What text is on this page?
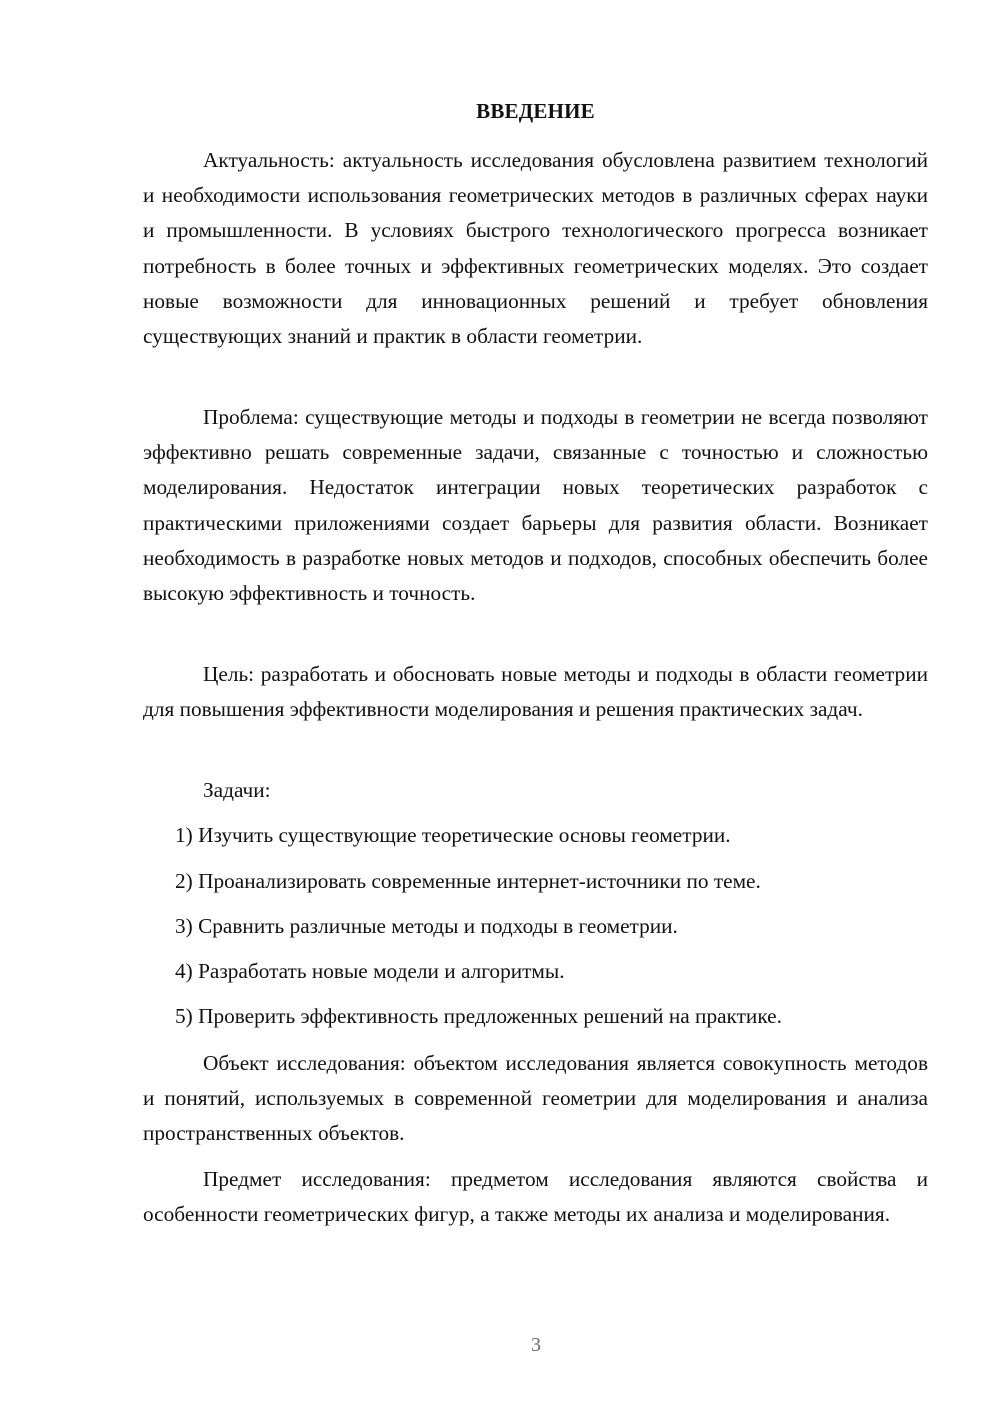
ВВЕДЕНИЕ

Актуальность: актуальность исследования обусловлена развитием технологий и необходимости использования геометрических методов в различных сферах науки и промышленности. В условиях быстрого технологического прогресса возникает потребность в более точных и эффективных геометрических моделях. Это создает новые возможности для инновационных решений и требует обновления существующих знаний и практик в области геометрии.

Проблема: существующие методы и подходы в геометрии не всегда позволяют эффективно решать современные задачи, связанные с точностью и сложностью моделирования. Недостаток интеграции новых теоретических разработок с практическими приложениями создает барьеры для развития области. Возникает необходимость в разработке новых методов и подходов, способных обеспечить более высокую эффективность и точность.

Цель: разработать и обосновать новые методы и подходы в области геометрии для повышения эффективности моделирования и решения практических задач.

Задачи:

1) Изучить существующие теоретические основы геометрии.

2) Проанализировать современные интернет-источники по теме.

3) Сравнить различные методы и подходы в геометрии.

4) Разработать новые модели и алгоритмы.

5) Проверить эффективность предложенных решений на практике.

Объект исследования: объектом исследования является совокупность методов и понятий, используемых в современной геометрии для моделирования и анализа пространственных объектов.

Предмет исследования: предметом исследования являются свойства и особенности геометрических фигур, а также методы их анализа и моделирования.

3
